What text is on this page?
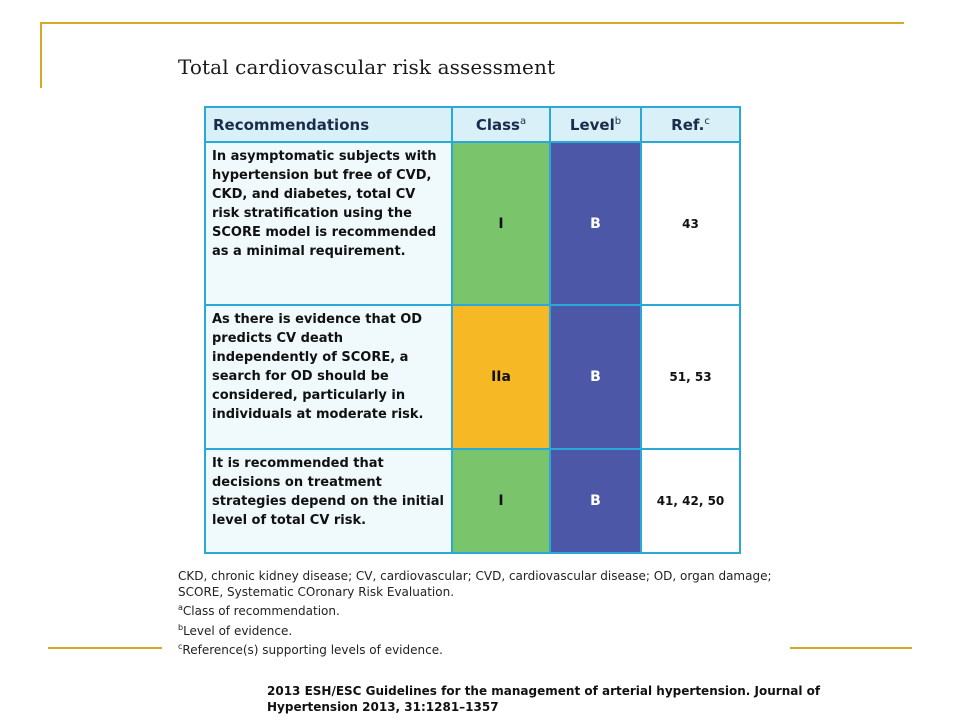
Total cardiovascular risk assessment
Recommendations	Class$^a$	Level$^b$	Ref.$^c$
In asymptomatic subjects with hypertension but free of CVD, CKD, and diabetes, total CV risk stratification using the SCORE model is recommended as a minimal requirement.	I	B	43
As there is evidence that OD predicts CV death independently of SCORE, a search for OD should be considered, particularly in individuals at moderate risk.	IIa	B	51, 53
It is recommended that decisions on treatment strategies depend on the initial level of total CV risk.	I	B	41, 42, 50
CKD, chronic kidney disease; CV, cardiovascular; CVD, cardiovascular disease; OD, organ damage; SCORE, Systematic COronary Risk Evaluation.
$^a$Class of recommendation.
$^b$Level of evidence.
$^c$Reference(s) supporting levels of evidence.
2013 ESH/ESC Guidelines for the management of arterial hypertension. Journal of Hypertension 2013, 31:1281–1357
